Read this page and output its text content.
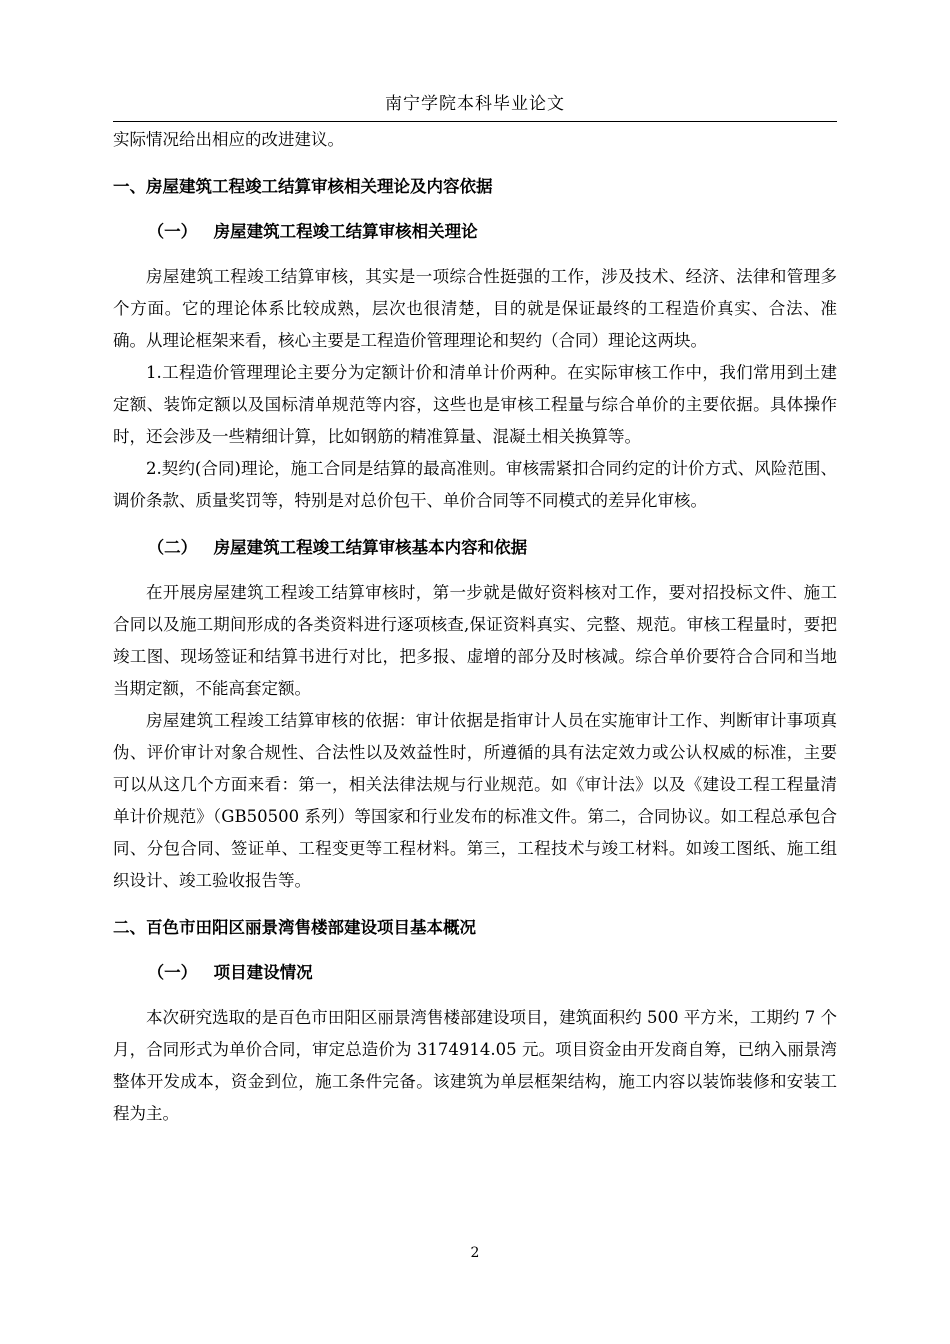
南宁学院本科毕业论文

实际情况给出相应的改进建议。

一、房屋建筑工程竣工结算审核相关理论及内容依据
（一） 房屋建筑工程竣工结算审核相关理论

房屋建筑工程竣工结算审核，其实是一项综合性挺强的工作，涉及技术、经济、法律和管理多个方面。它的理论体系比较成熟，层次也很清楚，目的就是保证最终的工程造价真实、合法、准确。从理论框架来看，核心主要是工程造价管理理论和契约（合同）理论这两块。

1.工程造价管理理论主要分为定额计价和清单计价两种。在实际审核工作中，我们常用到土建定额、装饰定额以及国标清单规范等内容，这些也是审核工程量与综合单价的主要依据。具体操作时，还会涉及一些精细计算，比如钢筋的精准算量、混凝土相关换算等。

2.契约(合同)理论，施工合同是结算的最高准则。审核需紧扣合同约定的计价方式、风险范围、调价条款、质量奖罚等，特别是对总价包干、单价合同等不同模式的差异化审核。

（二） 房屋建筑工程竣工结算审核基本内容和依据

在开展房屋建筑工程竣工结算审核时，第一步就是做好资料核对工作，要对招投标文件、施工合同以及施工期间形成的各类资料进行逐项核查,保证资料真实、完整、规范。审核工程量时，要把竣工图、现场签证和结算书进行对比，把多报、虚增的部分及时核减。综合单价要符合合同和当地当期定额，不能高套定额。

房屋建筑工程竣工结算审核的依据：审计依据是指审计人员在实施审计工作、判断审计事项真伪、评价审计对象合规性、合法性以及效益性时，所遵循的具有法定效力或公认权威的标准，主要可以从这几个方面来看：第一，相关法律法规与行业规范。如《审计法》以及《建设工程工程量清单计价规范》（GB50500 系列）等国家和行业发布的标准文件。第二，合同协议。如工程总承包合同、分包合同、签证单、工程变更等工程材料。第三，工程技术与竣工材料。如竣工图纸、施工组织设计、竣工验收报告等。

二、百色市田阳区丽景湾售楼部建设项目基本概况
（一） 项目建设情况

本次研究选取的是百色市田阳区丽景湾售楼部建设项目，建筑面积约 500 平方米，工期约 7 个月，合同形式为单价合同，审定总造价为 3174914.05 元。项目资金由开发商自筹，已纳入丽景湾整体开发成本，资金到位，施工条件完备。该建筑为单层框架结构，施工内容以装饰装修和安装工程为主。

2
